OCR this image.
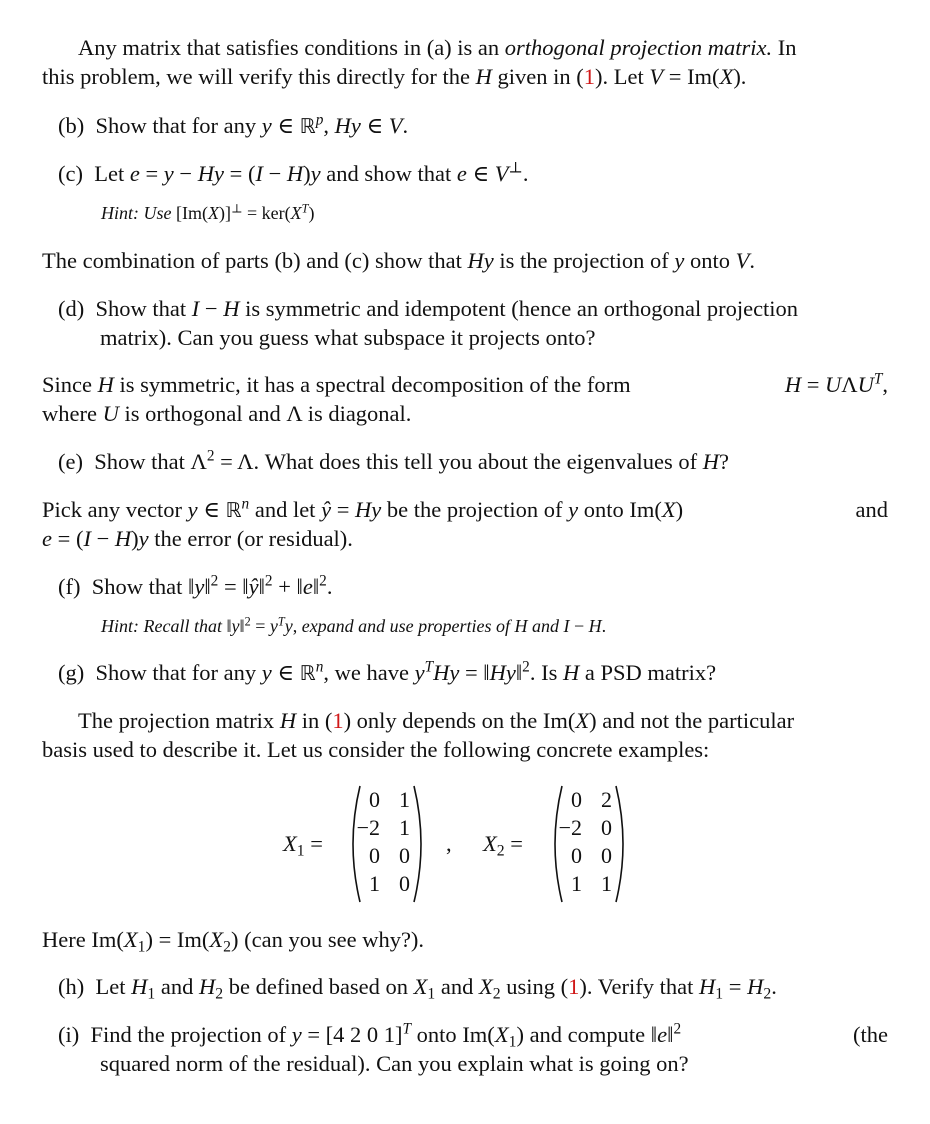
Any matrix that satisfies conditions in (a) is an orthogonal projection matrix. In
this problem, we will verify this directly for the H given in (1). Let V = Im(X).
(b) Show that for any y ∈ ℝ$^p$, Hy ∈ V.
(c) Let e = y − Hy = (I − H)y and show that e ∈ V⊥.
Hint: Use $[Im(X)]^\perp = ker(X^T)$
The combination of parts (b) and (c) show that Hy is the projection of y onto V.
(d) Show that I − H is symmetric and idempotent (hence an orthogonal projection
matrix). Can you guess what subspace it projects onto?
Since H is symmetric, it has a spectral decomposition of the form	$H = U\Lambda U^T$,
where U is orthogonal and Λ is diagonal.
(e) Show that $\Lambda^2 = \Lambda$. What does this tell you about the eigenvalues of H?
Pick any vector y ∈ ℝ$^n$ and let ŷ = Hy be the projection of y onto Im(X)	and
e = (I − H)y the error (or residual).
(f) Show that ‖y‖$^2$ = ‖ŷ‖$^2$ + ‖e‖$^2$.
Hint: Recall that ‖y‖$^2$ = $y^Ty$, expand and use properties of H and I − H.
(g) Show that for any y ∈ ℝ$^n$, we have $y^THy$ = ‖Hy‖$^2$. Is H a PSD matrix?
The projection matrix H in (1) only depends on the Im(X) and not the particular
basis used to describe it. Let us consider the following concrete examples:
$X_1$ =
0 1
−2 1
0 0
1 0
, $X_2$ =
0 2
−2 0
0 0
1 1
Here $Im(X_1) = Im(X_2)$ (can you see why?).
(h) Let $H_1$ and $H_2$ be defined based on $X_1$ and $X_2$ using (1). Verify that $H_1 = H_2$.
(i) Find the projection of y = [4 2 0 1]$^T$ onto $Im(X_1)$ and compute ‖e‖$^2$	(the
squared norm of the residual). Can you explain what is going on?
